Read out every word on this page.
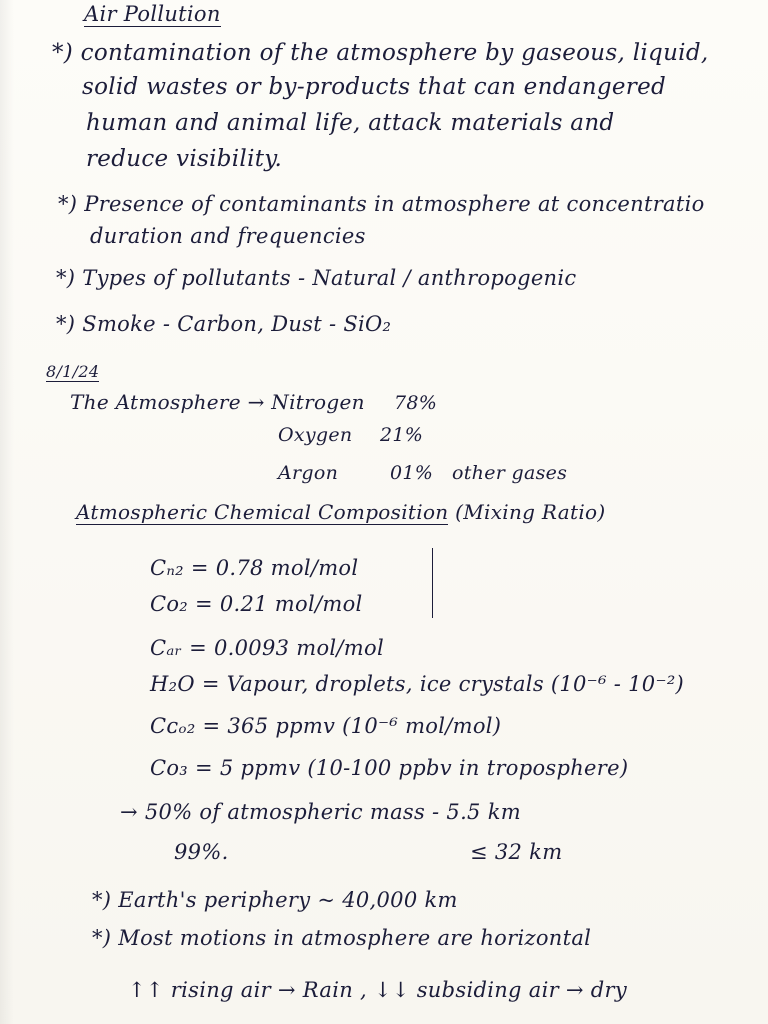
Air Pollution
*) contamination of the atmosphere by gaseous, liquid,
solid wastes or by-products that can endangered
human and animal life, attack materials and
reduce visibility.
*) Presence of contaminants in atmosphere at concentratio
duration and frequencies
*) Types of pollutants - Natural / anthropogenic
*) Smoke - Carbon, Dust - SiO₂
8/1/24
The Atmosphere → Nitrogen 78%
Oxygen 21%
Argon	01% other gases
Atmospheric Chemical Composition (Mixing Ratio)
Cₙ₂ = 0.78 mol/mol
Co₂ = 0.21 mol/mol
Cₐᵣ = 0.0093 mol/mol
H₂O = Vapour, droplets, ice crystals (10⁻⁶ - 10⁻²)
Cᴄₒ₂ = 365 ppmv (10⁻⁶ mol/mol)
Co₃ = 5 ppmv (10-100 ppbv in troposphere)
→ 50% of atmospheric mass - 5.5 km
99%.	≤ 32 km
*) Earth's periphery ~ 40,000 km
*) Most motions in atmosphere are horizontal
↑↑ rising air → Rain , ↓↓ subsiding air → dry
